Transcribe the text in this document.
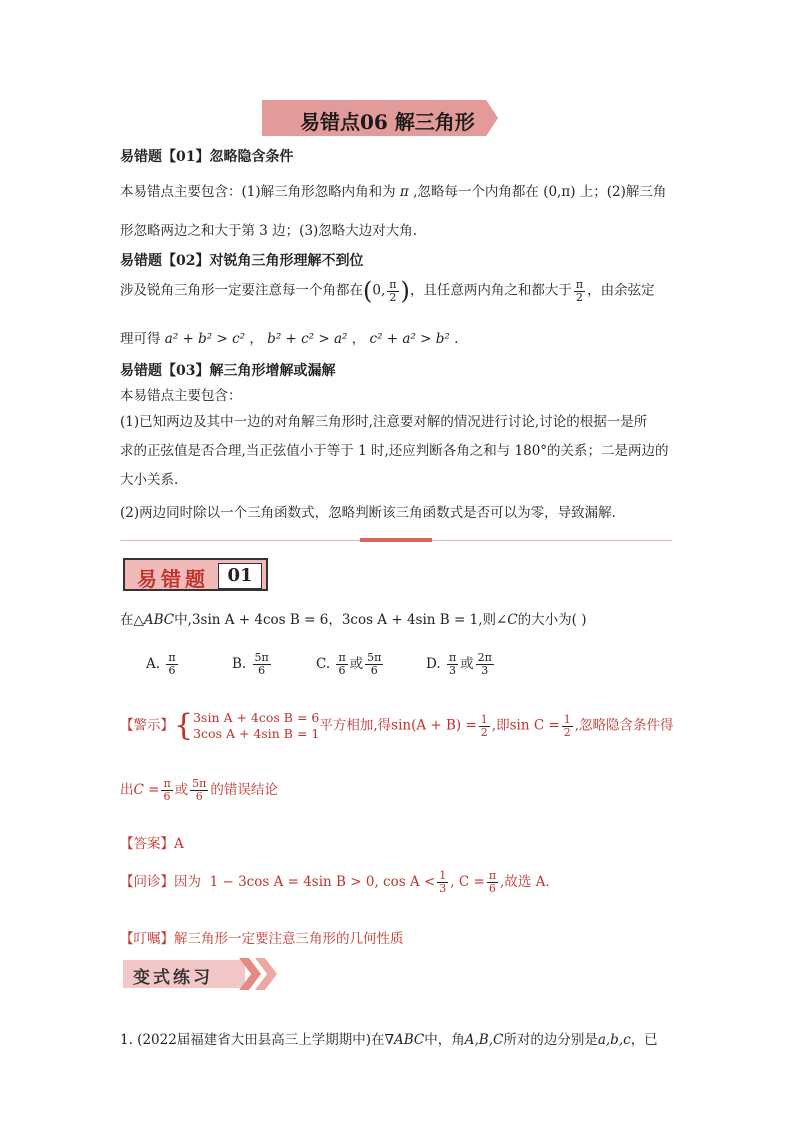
易错点06 解三角形
易错题【01】忽略隐含条件
本易错点主要包含：(1)解三角形忽略内角和为 π ,忽略每一个内角都在 (0,π) 上；(2)解三角
形忽略两边之和大于第 3 边；(3)忽略大边对大角.
易错题【02】对锐角三角形理解不到位
涉及锐角三角形一定要注意每一个角都在(0, $\frac{\pi}{2}$ )，且任意两内角之和都大于 $\frac{\pi}{2}$ ，由余弦定
理可得 a² + b² > c² ， b² + c² > a² ， c² + a² > b² .
易错题【03】解三角形增解或漏解
本易错点主要包含：
(1)已知两边及其中一边的对角解三角形时,注意要对解的情况进行讨论,讨论的根据一是所
求的正弦值是否合理,当正弦值小于等于 1 时,还应判断各角之和与 180°的关系；二是两边的
大小关系.
(2)两边同时除以一个三角函数式，忽略判断该三角函数式是否可以为零，导致漏解.
易错题	01
在△ABC中,3sin A + 4cos B = 6，3cos A + 4sin B = 1,则∠C的大小为( )
A. $\frac{\pi}{6}$	B. $\frac{5\pi}{6}$	C. $\frac{\pi}{6}$ 或 $\frac{5\pi}{6}$	D. $\frac{\pi}{3}$ 或 $\frac{2\pi}{3}$
【警示】{ 3sin A + 4cos B = 6
3cos A + 4sin B = 1 平方相加,得$\sin(A + B) = \frac{1}{2}$ ,即$\sin C = \frac{1}{2}$ ,忽略隐含条件得
出$C = \frac{\pi}{6}$ 或 $\frac{5\pi}{6}$ 的错误结论
【答案】A
【问诊】因为 1 − 3cos A = 4sin B > 0, $\cos A < \frac{1}{3}$ , $C = \frac{\pi}{6}$ ,故选 A.
【叮嘱】解三角形一定要注意三角形的几何性质
变式练习
1. (2022届福建省大田县高三上学期期中)在∇ABC中，角A,B,C所对的边分别是a,b,c，已
